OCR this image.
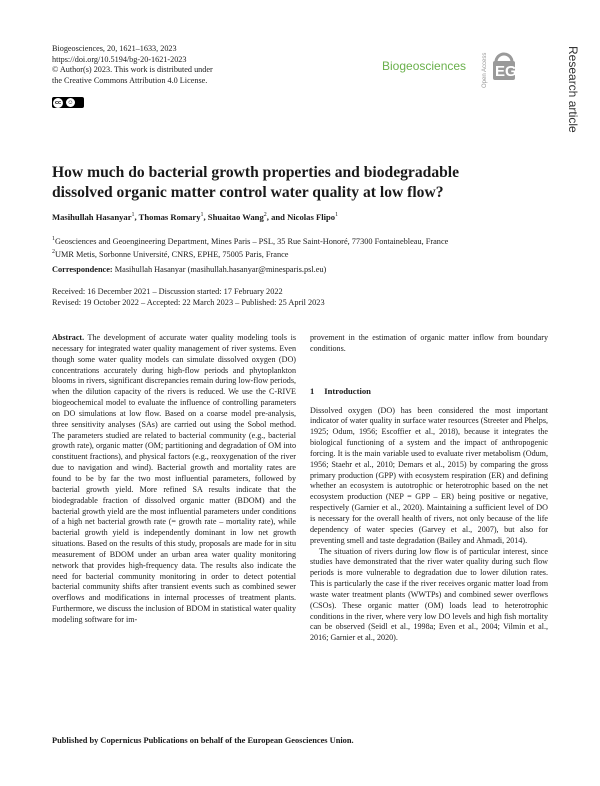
Biogeosciences, 20, 1621–1633, 2023
https://doi.org/10.5194/bg-20-1621-2023
© Author(s) 2023. This work is distributed under
the Creative Commons Attribution 4.0 License.
cc	☺
Biogeosciences	Open Access EGU	Research article
How much do bacterial growth properties and biodegradable dissolved organic matter control water quality at low flow?
Masihullah Hasanyar$^1$, Thomas Romary$^1$, Shuaitao Wang$^2$, and Nicolas Flipo$^1$
$^1$Geosciences and Geoengineering Department, Mines Paris – PSL, 35 Rue Saint-Honoré, 77300 Fontainebleau, France
$^2$UMR Metis, Sorbonne Université, CNRS, EPHE, 75005 Paris, France
Correspondence: Masihullah Hasanyar (masihullah.hasanyar@minesparis.psl.eu)
Received: 16 December 2021 – Discussion started: 17 February 2022
Revised: 19 October 2022 – Accepted: 22 March 2023 – Published: 25 April 2023

Abstract. The development of accurate water quality modeling tools is necessary for integrated water quality management of river systems. Even though some water quality models can simulate dissolved oxygen (DO) concentrations accurately during high-flow periods and phytoplankton blooms in rivers, significant discrepancies remain during low-flow periods, when the dilution capacity of the rivers is reduced. We use the C-RIVE biogeochemical model to evaluate the influence of controlling parameters on DO simulations at low flow. Based on a coarse model pre-analysis, three sensitivity analyses (SAs) are carried out using the Sobol method. The parameters studied are related to bacterial community (e.g., bacterial growth rate), organic matter (OM; partitioning and degradation of OM into constituent fractions), and physical factors (e.g., reoxygenation of the river due to navigation and wind). Bacterial growth and mortality rates are found to be by far the two most influential parameters, followed by bacterial growth yield. More refined SA results indicate that the biodegradable fraction of dissolved organic matter (BDOM) and the bacterial growth yield are the most influential parameters under conditions of a high net bacterial growth rate (= growth rate – mortality rate), while bacterial growth yield is independently dominant in low net growth situations. Based on the results of this study, proposals are made for in situ measurement of BDOM under an urban area water quality monitoring network that provides high-frequency data. The results also indicate the need for bacterial community monitoring in order to detect potential bacterial community shifts after transient events such as combined sewer overflows and modifications in internal processes of treatment plants. Furthermore, we discuss the inclusion of BDOM in statistical water quality modeling software for im-

provement in the estimation of organic matter inflow from boundary conditions.

1 Introduction

Dissolved oxygen (DO) has been considered the most important indicator of water quality in surface water resources (Streeter and Phelps, 1925; Odum, 1956; Escoffier et al., 2018), because it integrates the biological functioning of a system and the impact of anthropogenic forcing. It is the main variable used to evaluate river metabolism (Odum, 1956; Staehr et al., 2010; Demars et al., 2015) by comparing the gross primary production (GPP) with ecosystem respiration (ER) and defining whether an ecosystem is autotrophic or heterotrophic based on the net ecosystem production (NEP = GPP – ER) being positive or negative, respectively (Garnier et al., 2020). Maintaining a sufficient level of DO is necessary for the overall health of rivers, not only because of the life dependency of water species (Garvey et al., 2007), but also for preventing smell and taste degradation (Bailey and Ahmadi, 2014).

The situation of rivers during low flow is of particular interest, since studies have demonstrated that the river water quality during such flow periods is more vulnerable to degradation due to lower dilution rates. This is particularly the case if the river receives organic matter load from waste water treatment plants (WWTPs) and combined sewer overflows (CSOs). These organic matter (OM) loads lead to heterotrophic conditions in the river, where very low DO levels and high fish mortality can be observed (Seidl et al., 1998a; Even et al., 2004; Vilmin et al., 2016; Garnier et al., 2020).

Published by Copernicus Publications on behalf of the European Geosciences Union.
